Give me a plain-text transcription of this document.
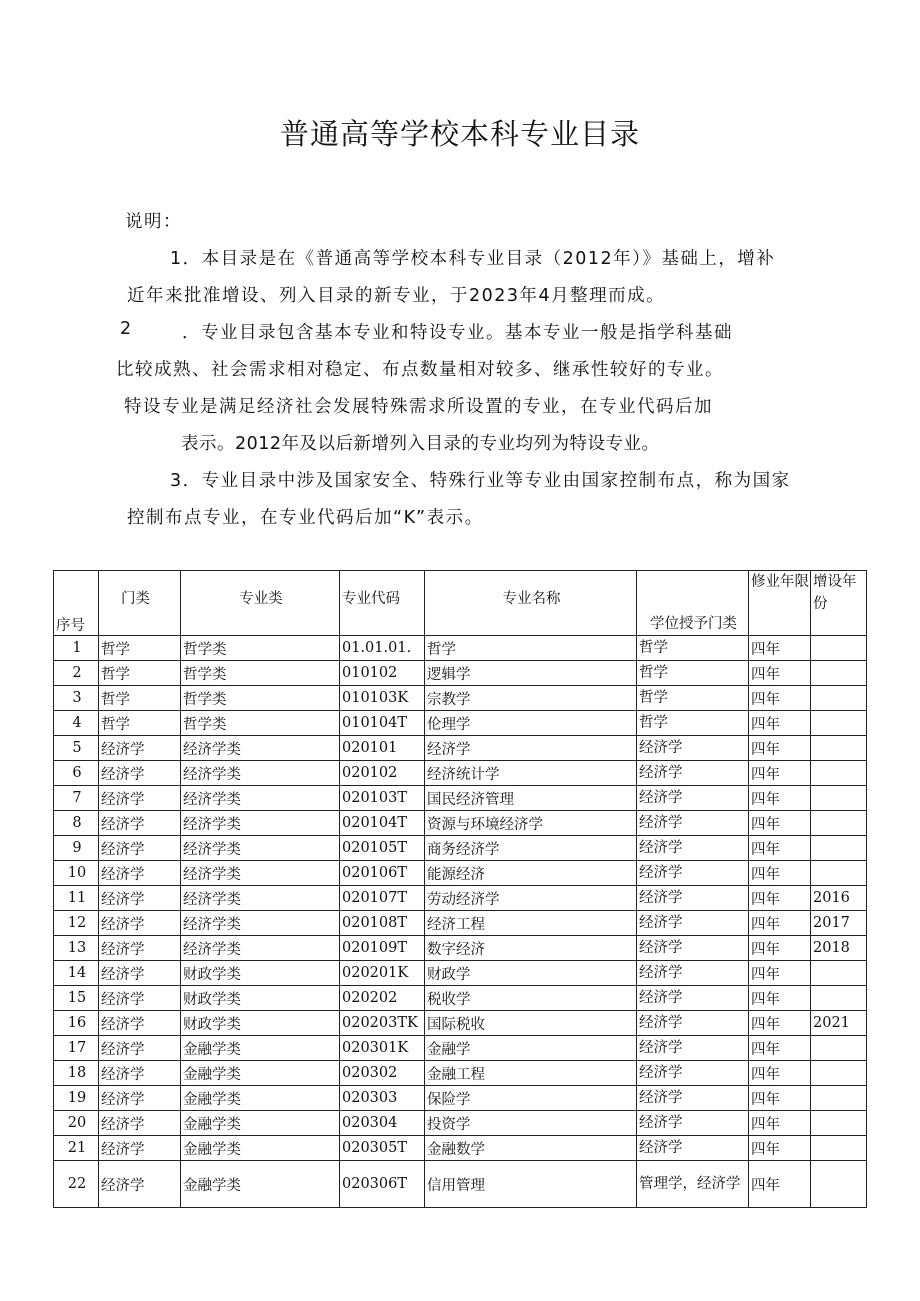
普通高等学校本科专业目录
说明：
1．本目录是在《普通高等学校本科专业目录（2012年）》基础上，增补
近年来批准增设、列入目录的新专业，于2023年4月整理而成。
2	．专业目录包含基本专业和特设专业。基本专业一般是指学科基础
比较成熟、社会需求相对稳定、布点数量相对较多、继承性较好的专业。
特设专业是满足经济社会发展特殊需求所设置的专业，在专业代码后加
表示。2012年及以后新增列入目录的专业均列为特设专业。
3．专业目录中涉及国家安全、特殊行业等专业由国家控制布点，称为国家
控制布点专业，在专业代码后加“K”表示。
序号	门类	专业类	专业代码	专业名称	学位授予门类	修业年限	增设年份
1	哲学	哲学类	01.01.01.	哲学	哲学	四年	
2	哲学	哲学类	010102	逻辑学	哲学	四年	
3	哲学	哲学类	010103K	宗教学	哲学	四年	
4	哲学	哲学类	010104T	伦理学	哲学	四年	
5	经济学	经济学类	020101	经济学	经济学	四年	
6	经济学	经济学类	020102	经济统计学	经济学	四年	
7	经济学	经济学类	020103T	国民经济管理	经济学	四年	
8	经济学	经济学类	020104T	资源与环境经济学	经济学	四年	
9	经济学	经济学类	020105T	商务经济学	经济学	四年	
10	经济学	经济学类	020106T	能源经济	经济学	四年	
11	经济学	经济学类	020107T	劳动经济学	经济学	四年	2016
12	经济学	经济学类	020108T	经济工程	经济学	四年	2017
13	经济学	经济学类	020109T	数字经济	经济学	四年	2018
14	经济学	财政学类	020201K	财政学	经济学	四年	
15	经济学	财政学类	020202	税收学	经济学	四年	
16	经济学	财政学类	020203TK	国际税收	经济学	四年	2021
17	经济学	金融学类	020301K	金融学	经济学	四年	
18	经济学	金融学类	020302	金融工程	经济学	四年	
19	经济学	金融学类	020303	保险学	经济学	四年	
20	经济学	金融学类	020304	投资学	经济学	四年	
21	经济学	金融学类	020305T	金融数学	经济学	四年	
22	经济学	金融学类	020306T	信用管理	管理学，经济学	四年	
